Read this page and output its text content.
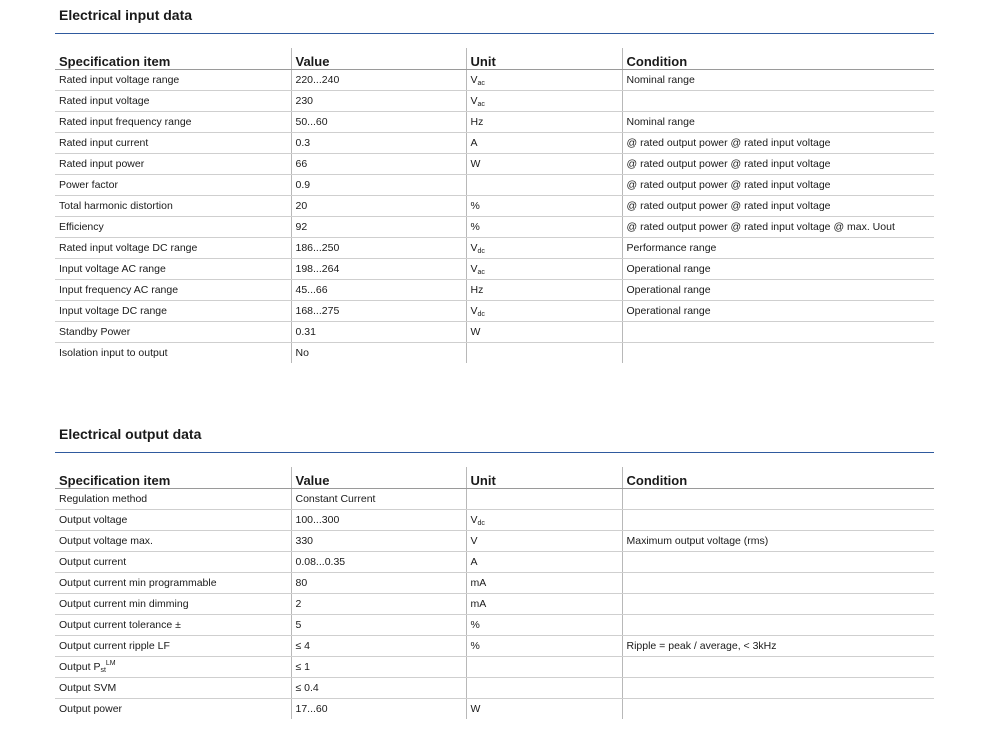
Electrical input data
Specification item	Value	Unit	Condition
Rated input voltage range	220...240	Vac	Nominal range
Rated input voltage	230	Vac	
Rated input frequency range	50...60	Hz	Nominal range
Rated input current	0.3	A	@ rated output power @ rated input voltage
Rated input power	66	W	@ rated output power @ rated input voltage
Power factor	0.9		@ rated output power @ rated input voltage
Total harmonic distortion	20	%	@ rated output power @ rated input voltage
Efficiency	92	%	@ rated output power @ rated input voltage @ max. Uout
Rated input voltage DC range	186...250	Vdc	Performance range
Input voltage AC range	198...264	Vac	Operational range
Input frequency AC range	45...66	Hz	Operational range
Input voltage DC range	168...275	Vdc	Operational range
Standby Power	0.31	W	
Isolation input to output	No		
Electrical output data
Specification item	Value	Unit	Condition
Regulation method	Constant Current		
Output voltage	100...300	Vdc	
Output voltage max.	330	V	Maximum output voltage (rms)
Output current	0.08...0.35	A	
Output current min programmable	80	mA	
Output current min dimming	2	mA	
Output current tolerance ±	5	%	
Output current ripple LF	≤ 4	%	Ripple = peak / average, < 3kHz
Output Pst$^{LM}$	≤ 1		
Output SVM	≤ 0.4		
Output power	17...60	W	
